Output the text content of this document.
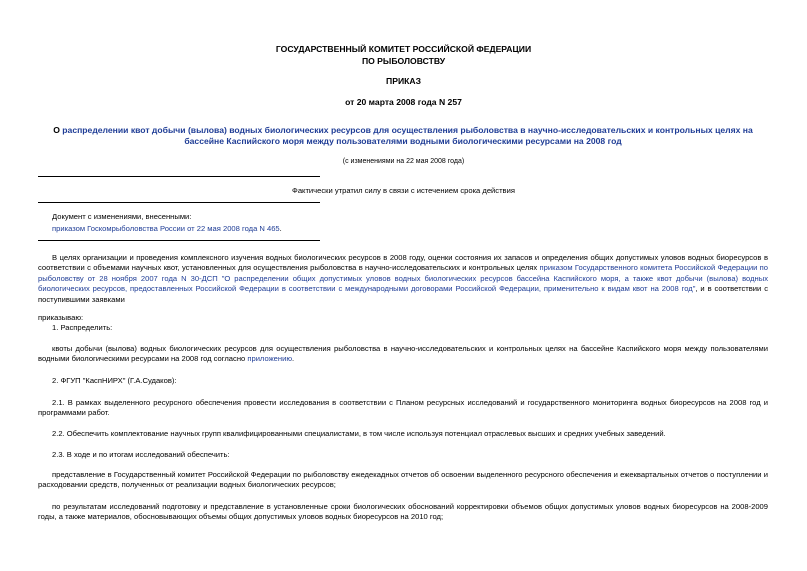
ГОСУДАРСТВЕННЫЙ КОМИТЕТ РОССИЙСКОЙ ФЕДЕРАЦИИ
ПО РЫБОЛОВСТВУ
ПРИКАЗ
от 20 марта 2008 года N 257
О распределении квот добычи (вылова) водных биологических ресурсов для осуществления рыболовства в научно-исследовательских и контрольных целях на бассейне Каспийского моря между пользователями водными биологическими ресурсами на 2008 год
(с изменениями на 22 мая 2008 года)
Фактически утратил силу в связи с истечением срока действия
Документ с изменениями, внесенными:
приказом Госкомрыболовства России от 22 мая 2008 года N 465.
В целях организации и проведения комплексного изучения водных биологических ресурсов в 2008 году, оценки состояния их запасов и определения общих допустимых уловов водных биоресурсов в соответствии с объемами научных квот, установленных для осуществления рыболовства в научно-исследовательских и контрольных целях приказом Государственного комитета Российской Федерации по рыболовству от 28 ноября 2007 года N 30-ДСП "О распределении общих допустимых уловов водных биологических ресурсов бассейна Каспийского моря, а также квот добычи (вылова) водных биологических ресурсов, предоставленных Российской Федерации в соответствии с международными договорами Российской Федерации, применительно к видам квот на 2008 год", и в соответствии с поступившими заявками
приказываю:
1. Распределить:
квоты добычи (вылова) водных биологических ресурсов для осуществления рыболовства в научно-исследовательских и контрольных целях на бассейне Каспийского моря между пользователями водными биологическими ресурсами на 2008 год согласно приложению.
2. ФГУП "КаспНИРХ" (Г.А.Судаков):
2.1. В рамках выделенного ресурсного обеспечения провести исследования в соответствии с Планом ресурсных исследований и государственного мониторинга водных биоресурсов на 2008 год и программами работ.
2.2. Обеспечить комплектование научных групп квалифицированными специалистами, в том числе используя потенциал отраслевых высших и средних учебных заведений.
2.3. В ходе и по итогам исследований обеспечить:
представление в Государственный комитет Российской Федерации по рыболовству ежедекадных отчетов об освоении выделенного ресурсного обеспечения и ежеквартальных отчетов о поступлении и расходовании средств, полученных от реализации водных биологических ресурсов;
по результатам исследований подготовку и представление в установленные сроки биологических обоснований корректировки объемов общих допустимых уловов водных биоресурсов на 2008-2009 годы, а также материалов, обосновывающих объемы общих допустимых уловов водных биоресурсов на 2010 год;
